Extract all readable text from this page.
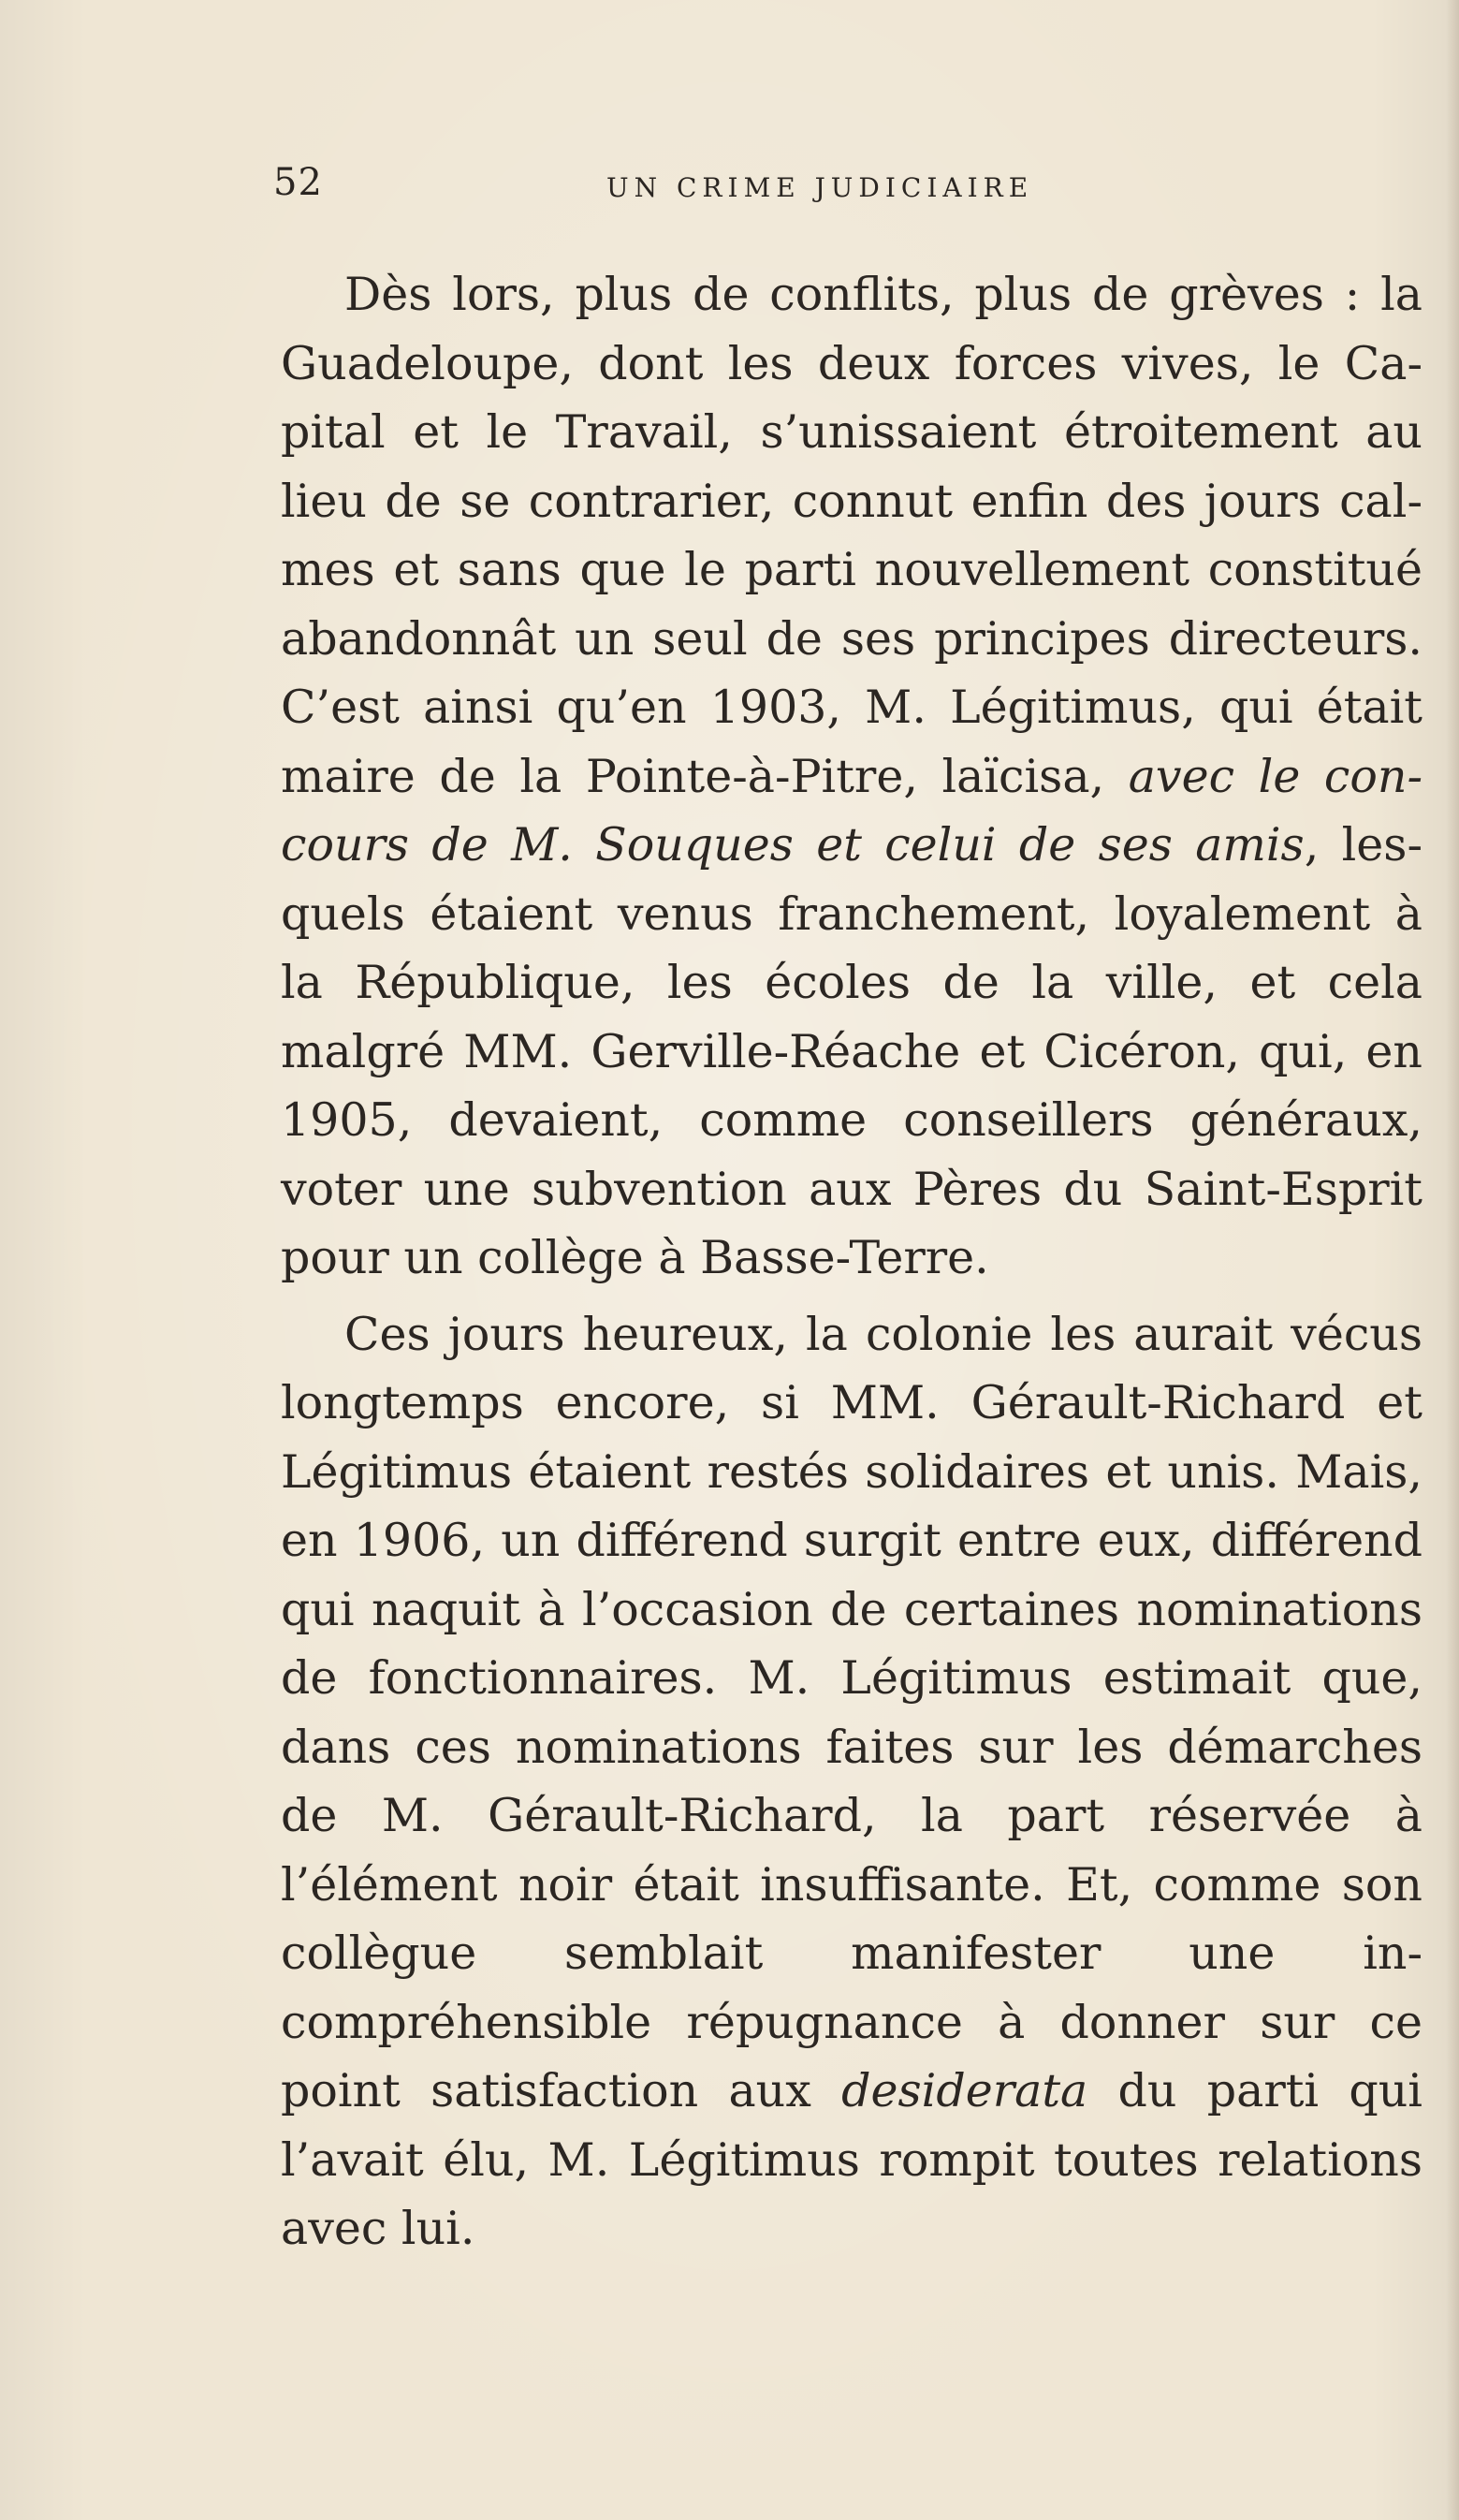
52	UN CRIME JUDICIAIRE

Dès lors, plus de conflits, plus de grèves : la Guadeloupe, dont les deux forces vives, le Capital et le Travail, s’unissaient étroitement au lieu de se contrarier, connut enfin des jours calmes et sans que le parti nouvellement constitué abandonnât un seul de ses principes directeurs. C’est ainsi qu’en 1903, M. Légitimus, qui était maire de la Pointe-à-Pitre, laïcisa, avec le concours de M. Souques et celui de ses amis, lesquels étaient venus franchement, loyalement à la République, les écoles de la ville, et cela malgré MM. Gerville-Réache et Cicéron, qui, en 1905, devaient, comme conseillers généraux, voter une subvention aux Pères du Saint-Esprit pour un collège à Basse-Terre.

Ces jours heureux, la colonie les aurait vécus longtemps encore, si MM. Gérault-Richard et Légitimus étaient restés solidaires et unis. Mais, en 1906, un différend surgit entre eux, différend qui naquit à l’occasion de certaines nominations de fonctionnaires. M. Légitimus estimait que, dans ces nominations faites sur les démarches de M. Gérault-Richard, la part réservée à l’élément noir était insuffisante. Et, comme son collègue semblait manifester une incompréhensible répugnance à donner sur ce point satisfaction aux desiderata du parti qui l’avait élu, M. Légitimus rompit toutes relations avec lui.
